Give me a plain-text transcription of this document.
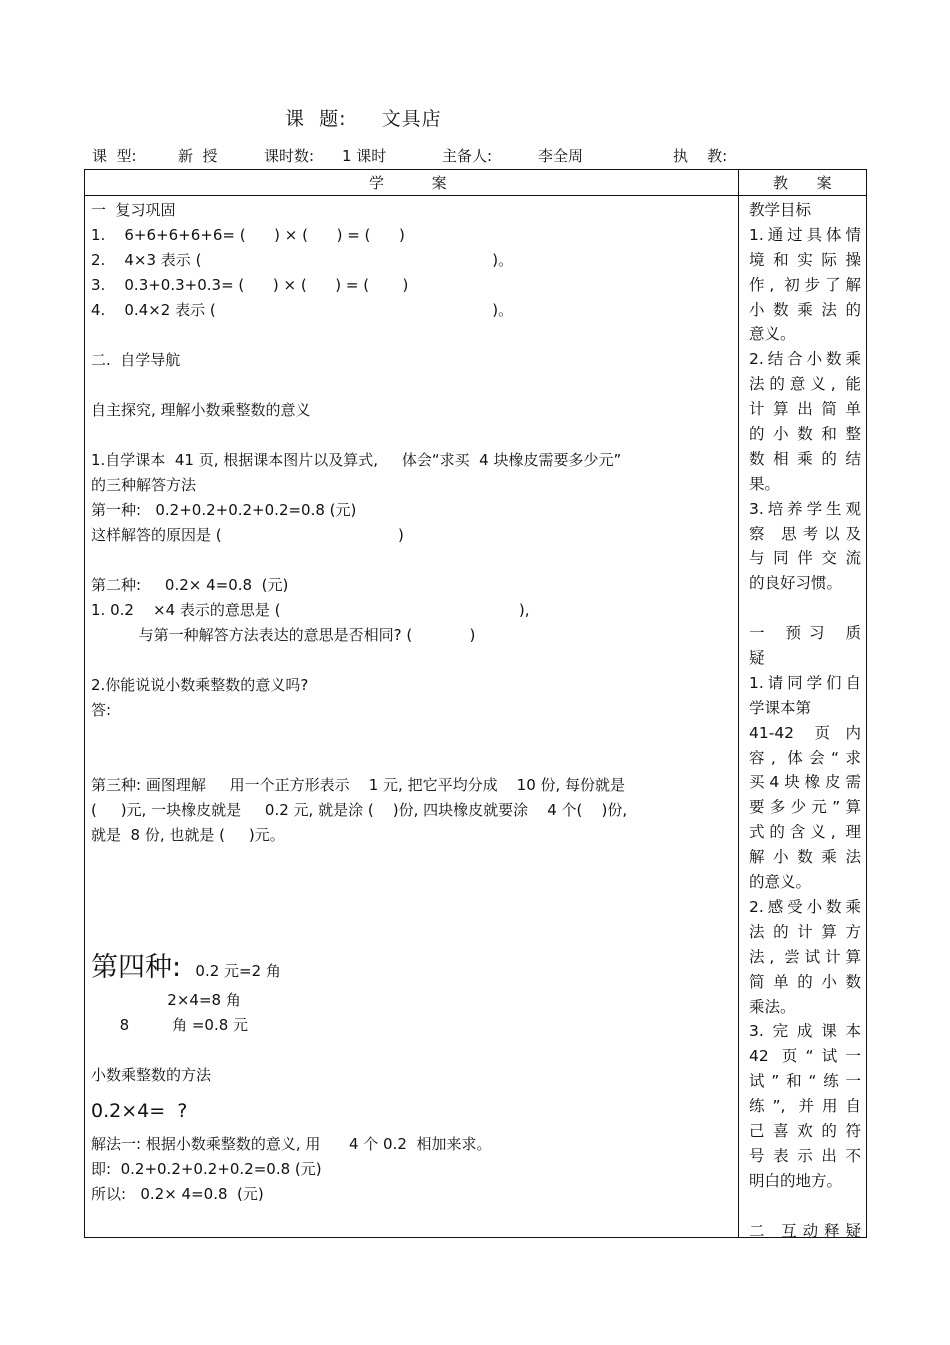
课  题:     文具店
课  型:	新  授	课时数: 1 课时	主备人:	李全周	执    教:
学          案	教      案
一  复习巩固
1.    6+6+6+6+6= (      ) × (      ) = (      )
2.    4×3 表示 (                                                             )。
3.    0.3+0.3+0.3= (      ) × (      ) = (       )
4.    0.4×2 表示 (                                                          )。
二.  自学导航
自主探究, 理解小数乘整数的意义
1.自学课本  41 页, 根据课本图片以及算式,     体会“求买  4 块橡皮需要多少元”
的三种解答方法
第一种:   0.2+0.2+0.2+0.2=0.8 (元)
这样解答的原因是 (                                     )
第二种:     0.2× 4=0.8  (元)
1. 0.2    ×4 表示的意思是 (                                                  ),
与第一种解答方法表达的意思是否相同? (            )
2.你能说说小数乘整数的意义吗?
答:
第三种: 画图理解     用一个正方形表示    1 元, 把它平均分成    10 份, 每份就是
(     )元, 一块橡皮就是     0.2 元, 就是涂 (    )份, 四块橡皮就要涂    4 个(    )份,
就是  8 份, 也就是 (     )元。
第四种: 0.2 元=2 角
2×4=8 角
8         角 =0.8 元
小数乘整数的方法
0.2×4=  ?
解法一: 根据小数乘整数的意义, 用      4 个 0.2  相加来求。
即:  0.2+0.2+0.2+0.2=0.8 (元)
所以:   0.2× 4=0.8  (元)
教学目标
1.通过具体情
境和实际操
作, 初步了解
小数乘法的
意义。
2.结合小数乘
法的意义, 能
计算出简单
的小数和整
数相乘的结
果。
3.培养学生观
察 思考以及
与同伴交流
的良好习惯。
一 预习 质
疑
1.请同学们自
学课本第
41-42 页内
容, 体会“求
买4块橡皮需
要多少元”算
式的含义, 理
解小数乘法
的意义。
2.感受小数乘
法的计算方
法, 尝试计算
简单的小数
乘法。
3.完成课本
42 页“试一
试”和“练一
练”, 并用自
己喜欢的符
号表示出不
明白的地方。
二 互动释疑
